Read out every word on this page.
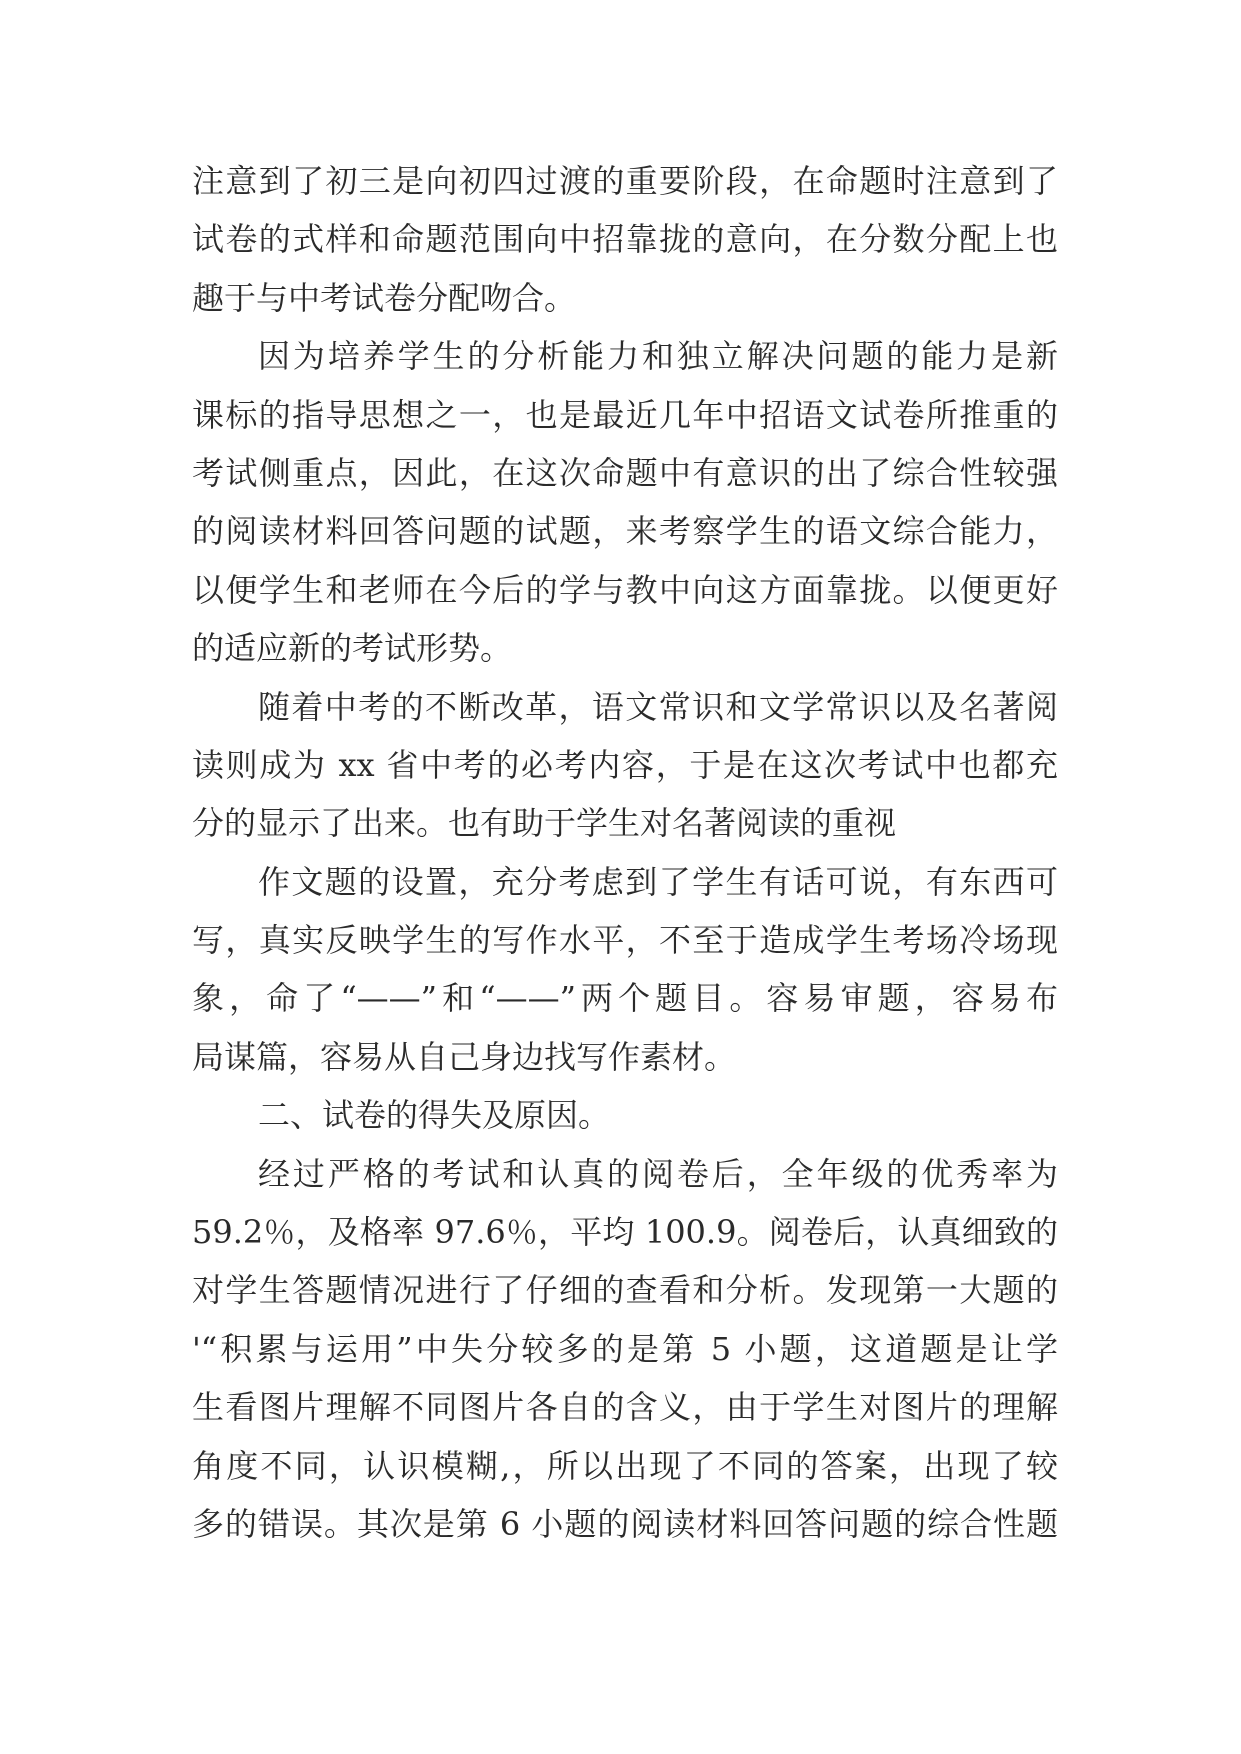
注意到了初三是向初四过渡的重要阶段，在命题时注意到了
试卷的式样和命题范围向中招靠拢的意向，在分数分配上也
趣于与中考试卷分配吻合。
因为培养学生的分析能力和独立解决问题的能力是新
课标的指导思想之一，也是最近几年中招语文试卷所推重的
考试侧重点，因此，在这次命题中有意识的出了综合性较强
的阅读材料回答问题的试题，来考察学生的语文综合能力，
以便学生和老师在今后的学与教中向这方面靠拢。以便更好
的适应新的考试形势。
随着中考的不断改革，语文常识和文学常识以及名著阅
读则成为 xx 省中考的必考内容，于是在这次考试中也都充
分的显示了出来。也有助于学生对名著阅读的重视
作文题的设置，充分考虑到了学生有话可说，有东西可
写，真实反映学生的写作水平，不至于造成学生考场冷场现
象，命了“——”和“——”两个题目。容易审题，容易布
局谋篇，容易从自己身边找写作素材。
二、试卷的得失及原因。
经过严格的考试和认真的阅卷后，全年级的优秀率为
59.2％，及格率 97.6％，平均 100.9。阅卷后，认真细致的
对学生答题情况进行了仔细的查看和分析。发现第一大题的
'“积累与运用”中失分较多的是第 5 小题，这道题是让学
生看图片理解不同图片各自的含义，由于学生对图片的理解
角度不同，认识模糊,，所以出现了不同的答案，出现了较
多的错误。其次是第 6 小题的阅读材料回答问题的综合性题
